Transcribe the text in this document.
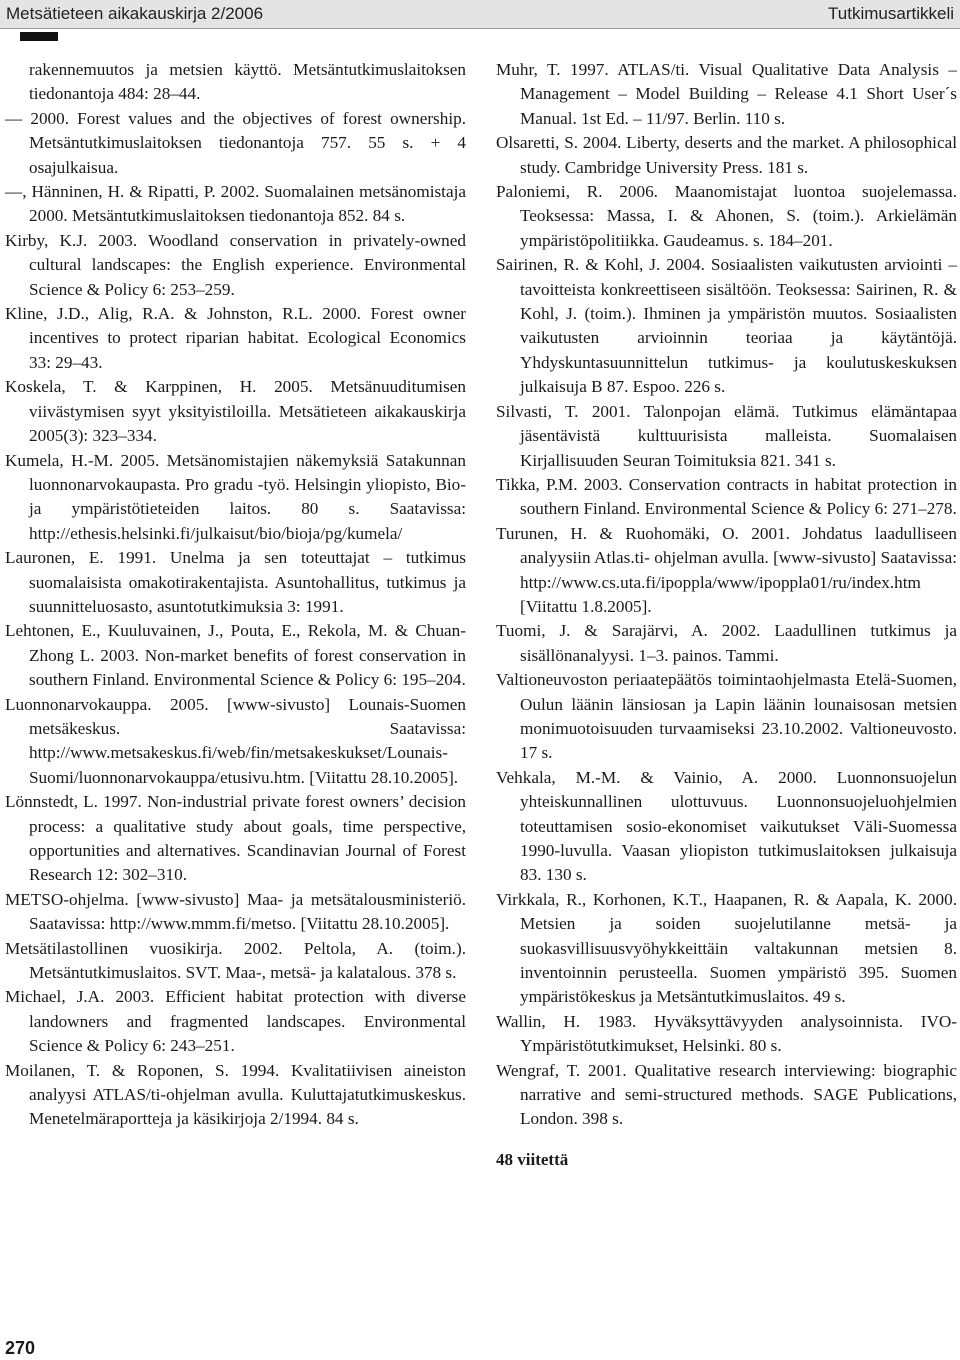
Metsätieteen aikakauskirja 2/2006	Tutkimusartikkeli

rakennemuutos ja metsien käyttö. Metsäntutkimuslaitoksen tiedonantoja 484: 28–44.

— 2000. Forest values and the objectives of forest ownership. Metsäntutkimuslaitoksen tiedonantoja 757. 55 s. + 4 osajulkaisua.

—, Hänninen, H. & Ripatti, P. 2002. Suomalainen metsänomistaja 2000. Metsäntutkimuslaitoksen tiedonantoja 852. 84 s.

Kirby, K.J. 2003. Woodland conservation in privately-owned cultural landscapes: the English experience. Environmental Science & Policy 6: 253–259.

Kline, J.D., Alig, R.A. & Johnston, R.L. 2000. Forest owner incentives to protect riparian habitat. Ecological Economics 33: 29–43.

Koskela, T. & Karppinen, H. 2005. Metsänuuditumisen viivästymisen syyt yksityistiloilla. Metsätieteen aikakauskirja 2005(3): 323–334.

Kumela, H.-M. 2005. Metsänomistajien näkemyksiä Satakunnan luonnonarvokaupasta. Pro gradu -työ. Helsingin yliopisto, Bio- ja ympäristötieteiden laitos. 80 s. Saatavissa: http://ethesis.helsinki.fi/julkaisut/bio/bioja/pg/kumela/

Lauronen, E. 1991. Unelma ja sen toteuttajat – tutkimus suomalaisista omakotirakentajista. Asuntohallitus, tutkimus ja suunnitteluosasto, asuntotutkimuksia 3: 1991.

Lehtonen, E., Kuuluvainen, J., Pouta, E., Rekola, M. & Chuan-Zhong L. 2003. Non-market benefits of forest conservation in southern Finland. Environmental Science & Policy 6: 195–204.

Luonnonarvokauppa. 2005. [www-sivusto] Lounais-Suomen metsäkeskus. Saatavissa: http://www.metsakeskus.fi/web/fin/metsakeskukset/Lounais-Suomi/luonnonarvokauppa/etusivu.htm. [Viitattu 28.10.2005].

Lönnstedt, L. 1997. Non-industrial private forest owners’ decision process: a qualitative study about goals, time perspective, opportunities and alternatives. Scandinavian Journal of Forest Research 12: 302–310.

METSO-ohjelma. [www-sivusto] Maa- ja metsätalousministeriö. Saatavissa: http://www.mmm.fi/metso. [Viitattu 28.10.2005].

Metsätilastollinen vuosikirja. 2002. Peltola, A. (toim.). Metsäntutkimuslaitos. SVT. Maa-, metsä- ja kalatalous. 378 s.

Michael, J.A. 2003. Efficient habitat protection with diverse landowners and fragmented landscapes. Environmental Science & Policy 6: 243–251.

Moilanen, T. & Roponen, S. 1994. Kvalitatiivisen aineiston analyysi ATLAS/ti-ohjelman avulla. Kuluttajatutkimuskeskus. Menetelmäraportteja ja käsikirjoja 2/1994. 84 s.

Muhr, T. 1997. ATLAS/ti. Visual Qualitative Data Analysis – Management – Model Building – Release 4.1 Short User´s Manual. 1st Ed. – 11/97. Berlin. 110 s.

Olsaretti, S. 2004. Liberty, deserts and the market. A philosophical study. Cambridge University Press. 181 s.

Paloniemi, R. 2006. Maanomistajat luontoa suojelemassa. Teoksessa: Massa, I. & Ahonen, S. (toim.). Arkielämän ympäristöpolitiikka. Gaudeamus. s. 184–201.

Sairinen, R. & Kohl, J. 2004. Sosiaalisten vaikutusten arviointi – tavoitteista konkreettiseen sisältöön. Teoksessa: Sairinen, R. & Kohl, J. (toim.). Ihminen ja ympäristön muutos. Sosiaalisten vaikutusten arvioinnin teoriaa ja käytäntöjä. Yhdyskuntasuunnittelun tutkimus- ja koulutuskeskuksen julkaisuja B 87. Espoo. 226 s.

Silvasti, T. 2001. Talonpojan elämä. Tutkimus elämäntapaa jäsentävistä kulttuurisista malleista. Suomalaisen Kirjallisuuden Seuran Toimituksia 821. 341 s.

Tikka, P.M. 2003. Conservation contracts in habitat protection in southern Finland. Environmental Science & Policy 6: 271–278.

Turunen, H. & Ruohomäki, O. 2001. Johdatus laadulliseen analyysiin Atlas.ti- ohjelman avulla. [www-sivusto] Saatavissa: http://www.cs.uta.fi/ipoppla/www/ipoppla01/ru/index.htm [Viitattu 1.8.2005].

Tuomi, J. & Sarajärvi, A. 2002. Laadullinen tutkimus ja sisällönanalyysi. 1–3. painos. Tammi.

Valtioneuvoston periaatepäätös toimintaohjelmasta Etelä-Suomen, Oulun läänin länsiosan ja Lapin läänin lounaisosan metsien monimuotoisuuden turvaamiseksi 23.10.2002. Valtioneuvosto. 17 s.

Vehkala, M.-M. & Vainio, A. 2000. Luonnonsuojelun yhteiskunnallinen ulottuvuus. Luonnonsuojeluohjelmien toteuttamisen sosio-ekonomiset vaikutukset Väli-Suomessa 1990-luvulla. Vaasan yliopiston tutkimuslaitoksen julkaisuja 83. 130 s.

Virkkala, R., Korhonen, K.T., Haapanen, R. & Aapala, K. 2000. Metsien ja soiden suojelutilanne metsä- ja suokasvillisuusvyöhykkeittäin valtakunnan metsien 8. inventoinnin perusteella. Suomen ympäristö 395. Suomen ympäristökeskus ja Metsäntutkimuslaitos. 49 s.

Wallin, H. 1983. Hyväksyttävyyden analysoinnista. IVO-Ympäristötutkimukset, Helsinki. 80 s.

Wengraf, T. 2001. Qualitative research interviewing: biographic narrative and semi-structured methods. SAGE Publications, London. 398 s.

48 viitettä
270
